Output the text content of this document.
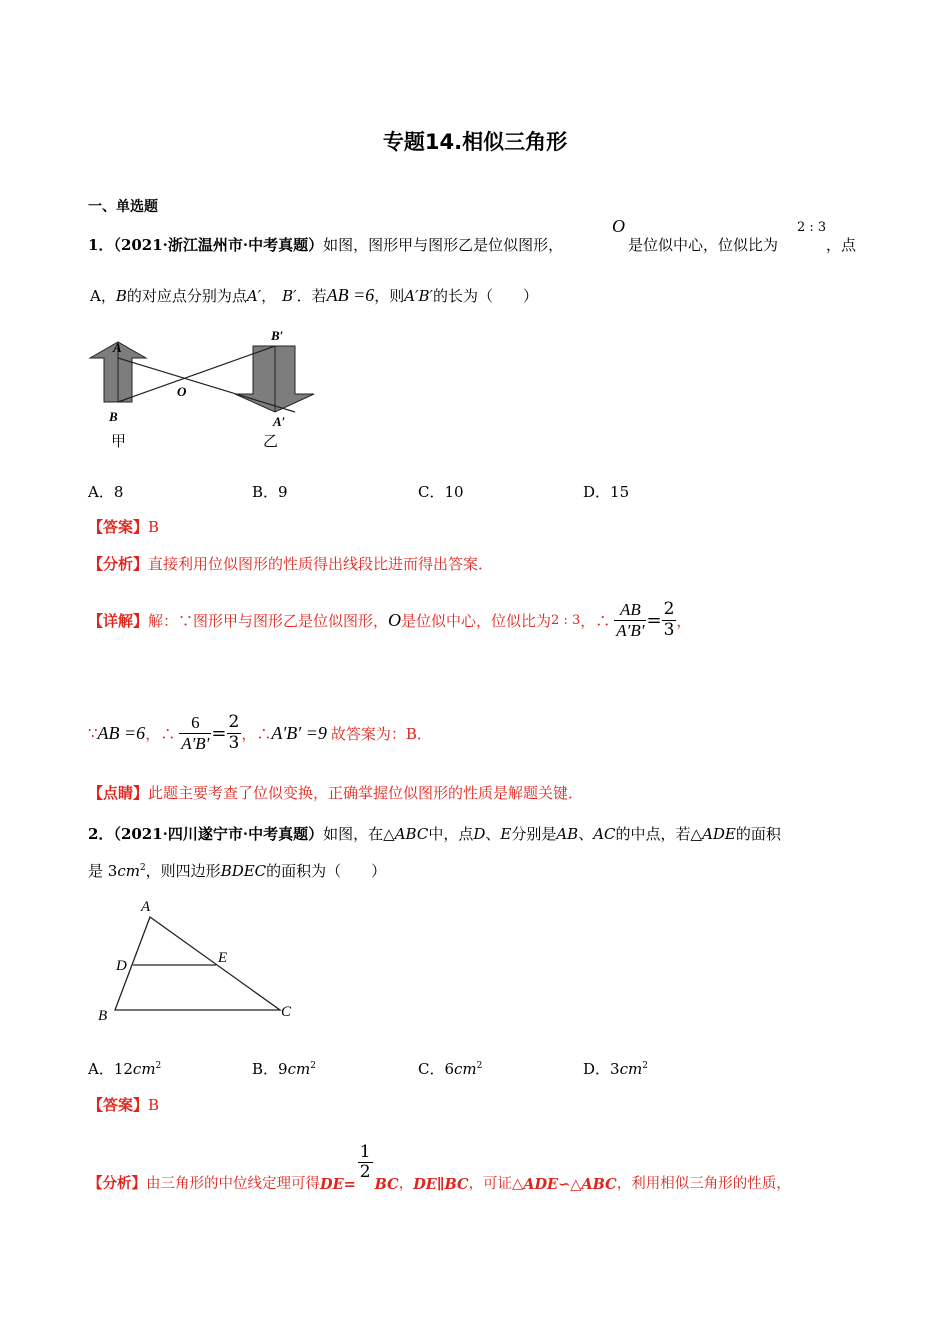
专题14.相似三角形
一、单选题
1．（2021·浙江温州市·中考真题）如图，图形甲与图形乙是位似图形，
O
是位似中心，位似比为
2 : 3
，点
A，B的对应点分别为点A′， B′．若AB =6，则A′B′的长为（　　）
A
B
O
B′
A′
甲	乙
A．8	B．9	C．10	D．15
【答案】B
【分析】直接利用位似图形的性质得出线段比进而得出答案．
【详解】 解：∵图形甲与图形乙是位似图形， O 是位似中心，位似比为 2 : 3 ，∴ $\frac{AB}{A'B'} = \frac{2}{3}$ ，
∵ AB =6 ，∴ $\frac{6}{A'B'} = \frac{2}{3}$ ，∴ A′B′ =9 故答案为：B．
【点睛】此题主要考查了位似变换，正确掌握位似图形的性质是解题关键．
2．（2021·四川遂宁市·中考真题）如图，在△ABC中，点D、E分别是AB、AC的中点，若△ADE的面积
是 $3cm^2$，则四边形BDEC的面积为（　　）
A
D	E
B	C
A．$12cm^2$	B．$9cm^2$	C．$6cm^2$	D．$3cm^2$
【答案】B
【分析】 由三角形的中位线定理可得 DE=
$\frac{1}{2}$
BC ， DE∥BC ，可证△ ADE∽△ABC ，利用相似三角形的性质，
